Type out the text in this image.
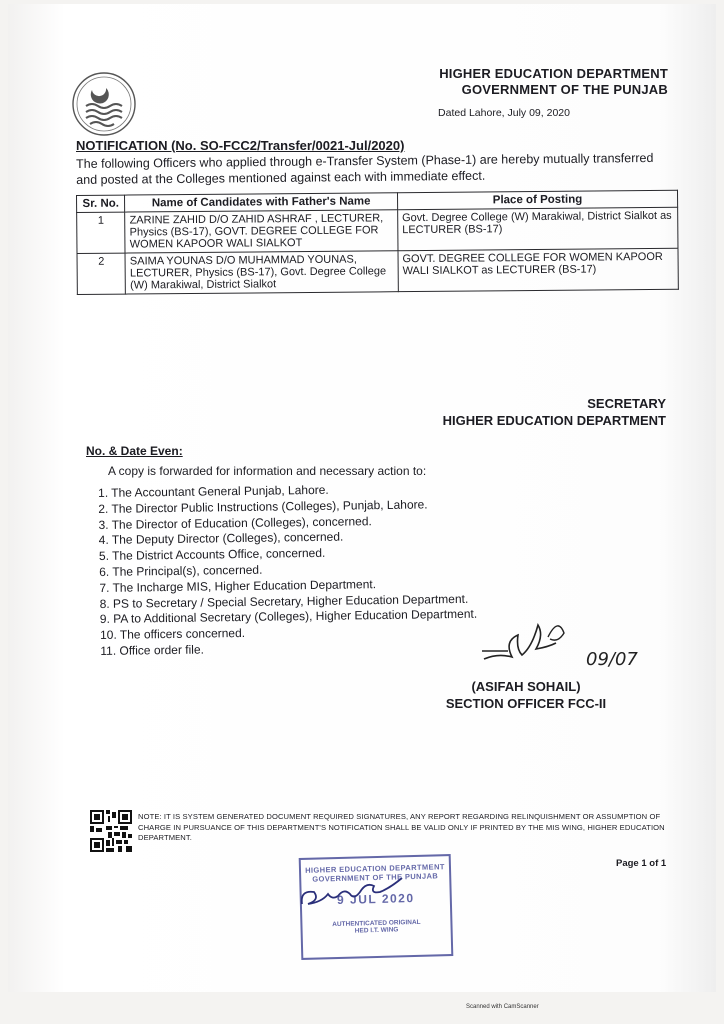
HIGHER EDUCATION DEPARTMENT
GOVERNMENT OF THE PUNJAB
Dated Lahore, July 09, 2020
NOTIFICATION (No. SO-FCC2/Transfer/0021-Jul/2020)
The following Officers who applied through e-Transfer System (Phase-1) are hereby mutually transferred and posted at the Colleges mentioned against each with immediate effect.
Sr. No.	Name of Candidates with Father's Name	Place of Posting
1	ZARINE ZAHID D/O ZAHID ASHRAF , LECTURER, Physics (BS-17), GOVT. DEGREE COLLEGE FOR WOMEN KAPOOR WALI SIALKOT	Govt. Degree College (W) Marakiwal, District Sialkot as LECTURER (BS-17)
2	SAIMA YOUNAS D/O MUHAMMAD YOUNAS, LECTURER, Physics (BS-17), Govt. Degree College (W) Marakiwal, District Sialkot	GOVT. DEGREE COLLEGE FOR WOMEN KAPOOR WALI SIALKOT as LECTURER (BS-17)
SECRETARY
HIGHER EDUCATION DEPARTMENT
No. & Date Even:
A copy is forwarded for information and necessary action to:
1. The Accountant General Punjab, Lahore.
2. The Director Public Instructions (Colleges), Punjab, Lahore.
3. The Director of Education (Colleges), concerned.
4. The Deputy Director (Colleges), concerned.
5. The District Accounts Office, concerned.
6. The Principal(s), concerned.
7. The Incharge MIS, Higher Education Department.
8. PS to Secretary / Special Secretary, Higher Education Department.
9. PA to Additional Secretary (Colleges), Higher Education Department.
10. The officers concerned.
11. Office order file.	09/07
(ASIFAH SOHAIL)
SECTION OFFICER FCC-II
NOTE: IT IS SYSTEM GENERATED DOCUMENT REQUIRED SIGNATURES, ANY REPORT REGARDING RELINQUISHMENT OR ASSUMPTION OF CHARGE IN PURSUANCE OF THIS DEPARTMENT'S NOTIFICATION SHALL BE VALID ONLY IF PRINTED BY THE MIS WING, HIGHER EDUCATION DEPARTMENT.
Page 1 of 1
HIGHER EDUCATION DEPARTMENT
GOVERNMENT OF THE PUNJAB
9 JUL 2020
AUTHENTICATED ORIGINAL
HED I.T. WING
Scanned with CamScanner
